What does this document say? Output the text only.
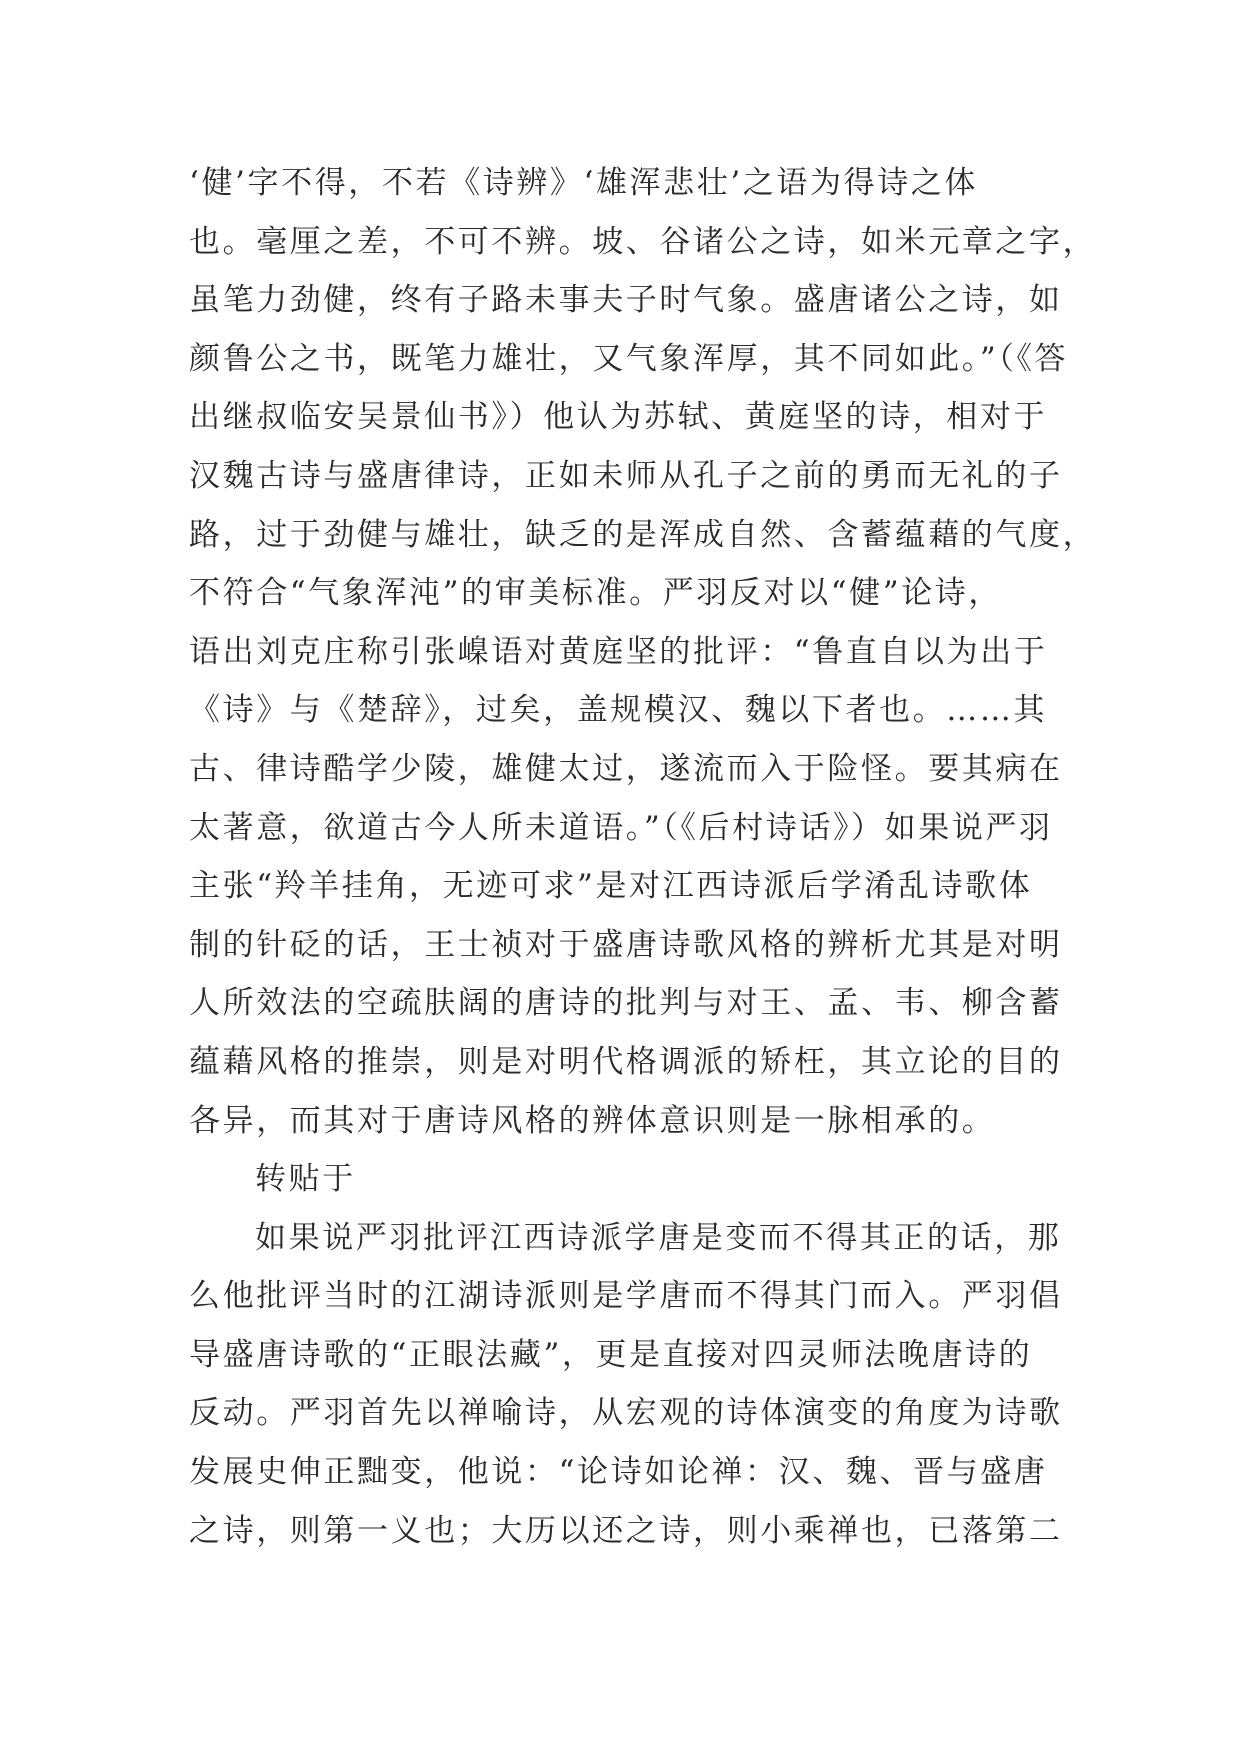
‘健’字不得，不若《诗辨》‘雄浑悲壮’之语为得诗之体
也。毫厘之差，不可不辨。坡、谷诸公之诗，如米元章之字，
虽笔力劲健，终有子路未事夫子时气象。盛唐诸公之诗，如
颜鲁公之书，既笔力雄壮，又气象浑厚，其不同如此。”（《答
出继叔临安吴景仙书》）他认为苏轼、黄庭坚的诗，相对于
汉魏古诗与盛唐律诗，正如未师从孔子之前的勇而无礼的子
路，过于劲健与雄壮，缺乏的是浑成自然、含蓄蕴藉的气度，
不符合“气象浑沌”的审美标准。严羽反对以“健”论诗，
语出刘克庄称引张嵲语对黄庭坚的批评：“鲁直自以为出于
《诗》与《楚辞》，过矣，盖规模汉、魏以下者也。……其
古、律诗酷学少陵，雄健太过，遂流而入于险怪。要其病在
太著意，欲道古今人所未道语。”（《后村诗话》）如果说严羽
主张“羚羊挂角，无迹可求”是对江西诗派后学淆乱诗歌体
制的针砭的话，王士祯对于盛唐诗歌风格的辨析尤其是对明
人所效法的空疏肤阔的唐诗的批判与对王、孟、韦、柳含蓄
蕴藉风格的推崇，则是对明代格调派的矫枉，其立论的目的
各异，而其对于唐诗风格的辨体意识则是一脉相承的。
转贴于
如果说严羽批评江西诗派学唐是变而不得其正的话，那
么他批评当时的江湖诗派则是学唐而不得其门而入。严羽倡
导盛唐诗歌的“正眼法藏”，更是直接对四灵师法晚唐诗的
反动。严羽首先以禅喻诗，从宏观的诗体演变的角度为诗歌
发展史伸正黜变，他说：“论诗如论禅：汉、魏、晋与盛唐
之诗，则第一义也；大历以还之诗，则小乘禅也，已落第二
